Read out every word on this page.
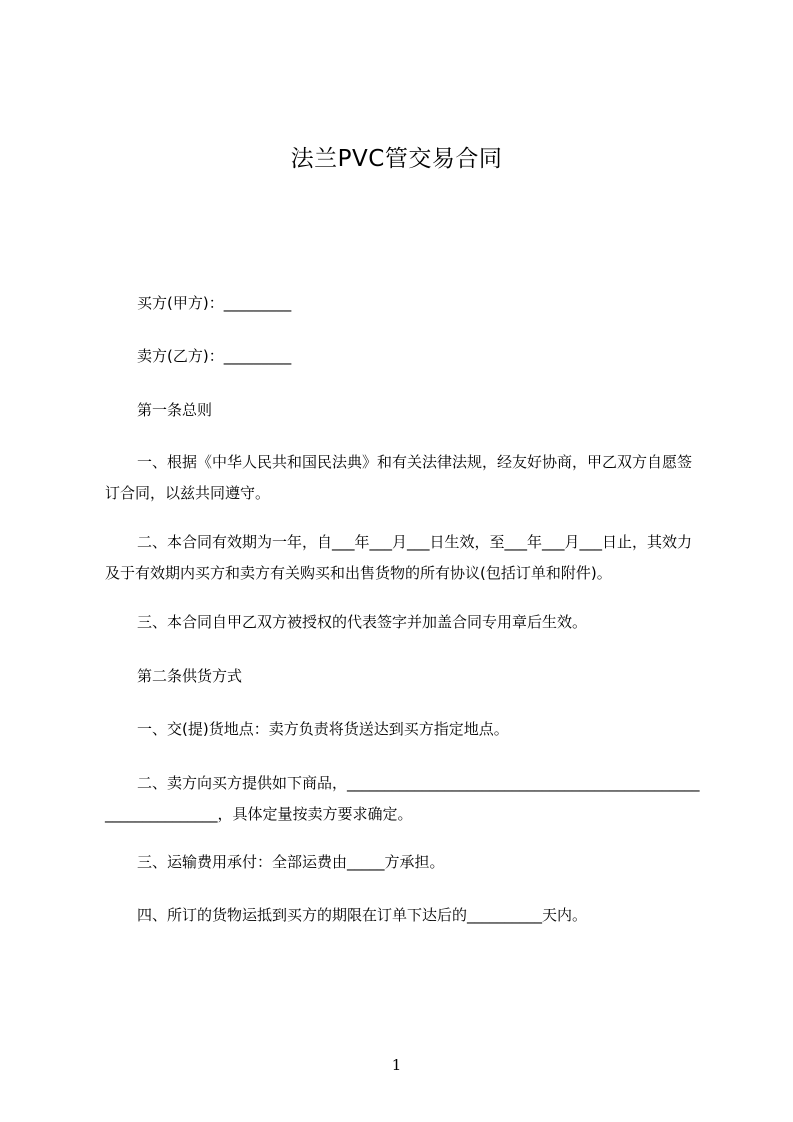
法兰PVC管交易合同
买方(甲方)：_________
卖方(乙方)：_________
第一条总则
一、根据《中华人民共和国民法典》和有关法律法规，经友好协商，甲乙双方自愿签订合同，以兹共同遵守。
二、本合同有效期为一年，自___年___月___日生效，至___年___月___日止，其效力及于有效期内买方和卖方有关购买和出售货物的所有协议(包括订单和附件)。
三、本合同自甲乙双方被授权的代表签字并加盖合同专用章后生效。
第二条供货方式
一、交(提)货地点：卖方负责将货送达到买方指定地点。
二、卖方向买方提供如下商品，______________________________________________________________，具体定量按卖方要求确定。
三、运输费用承付：全部运费由_____方承担。
四、所订的货物运抵到买方的期限在订单下达后的__________天内。
1
